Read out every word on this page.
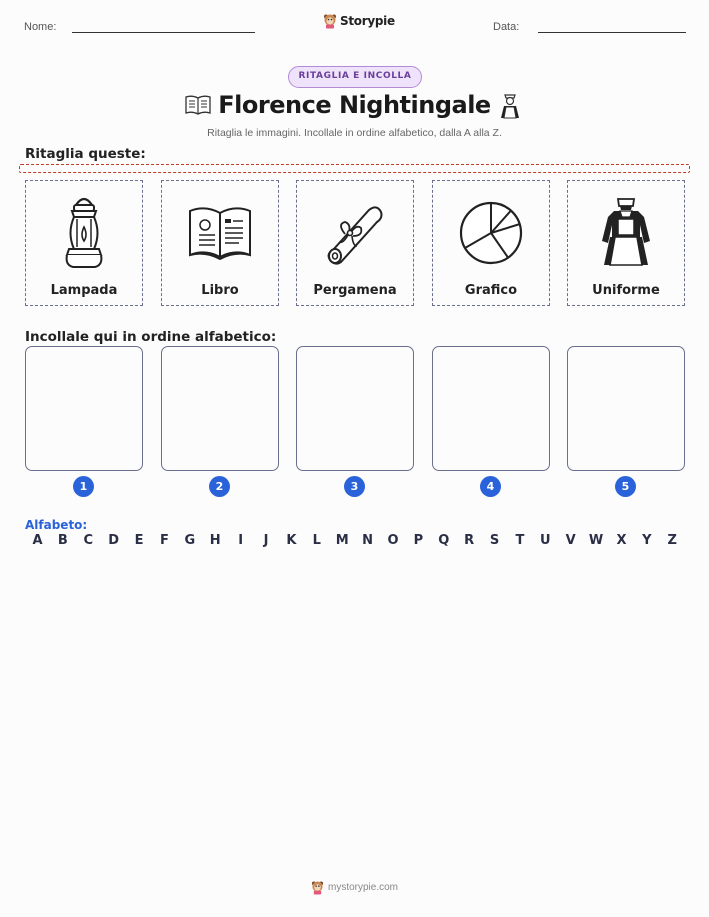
Nome:	Storypie	Data:
RITAGLIA E INCOLLA
Florence Nightingale
Ritaglia le immagini. Incollale in ordine alfabetico, dalla A alla Z.
Ritaglia queste:
Lampada	Libro	Pergamena	Grafico	Uniforme
Incollale qui in ordine alfabetico:
1	2	3	4	5
Alfabeto:
A	B	C	D	E	F	G	H	I	J	K	L	M	N	O	P	Q	R	S	T	U	V	W	X	Y	Z
mystorypie.com
